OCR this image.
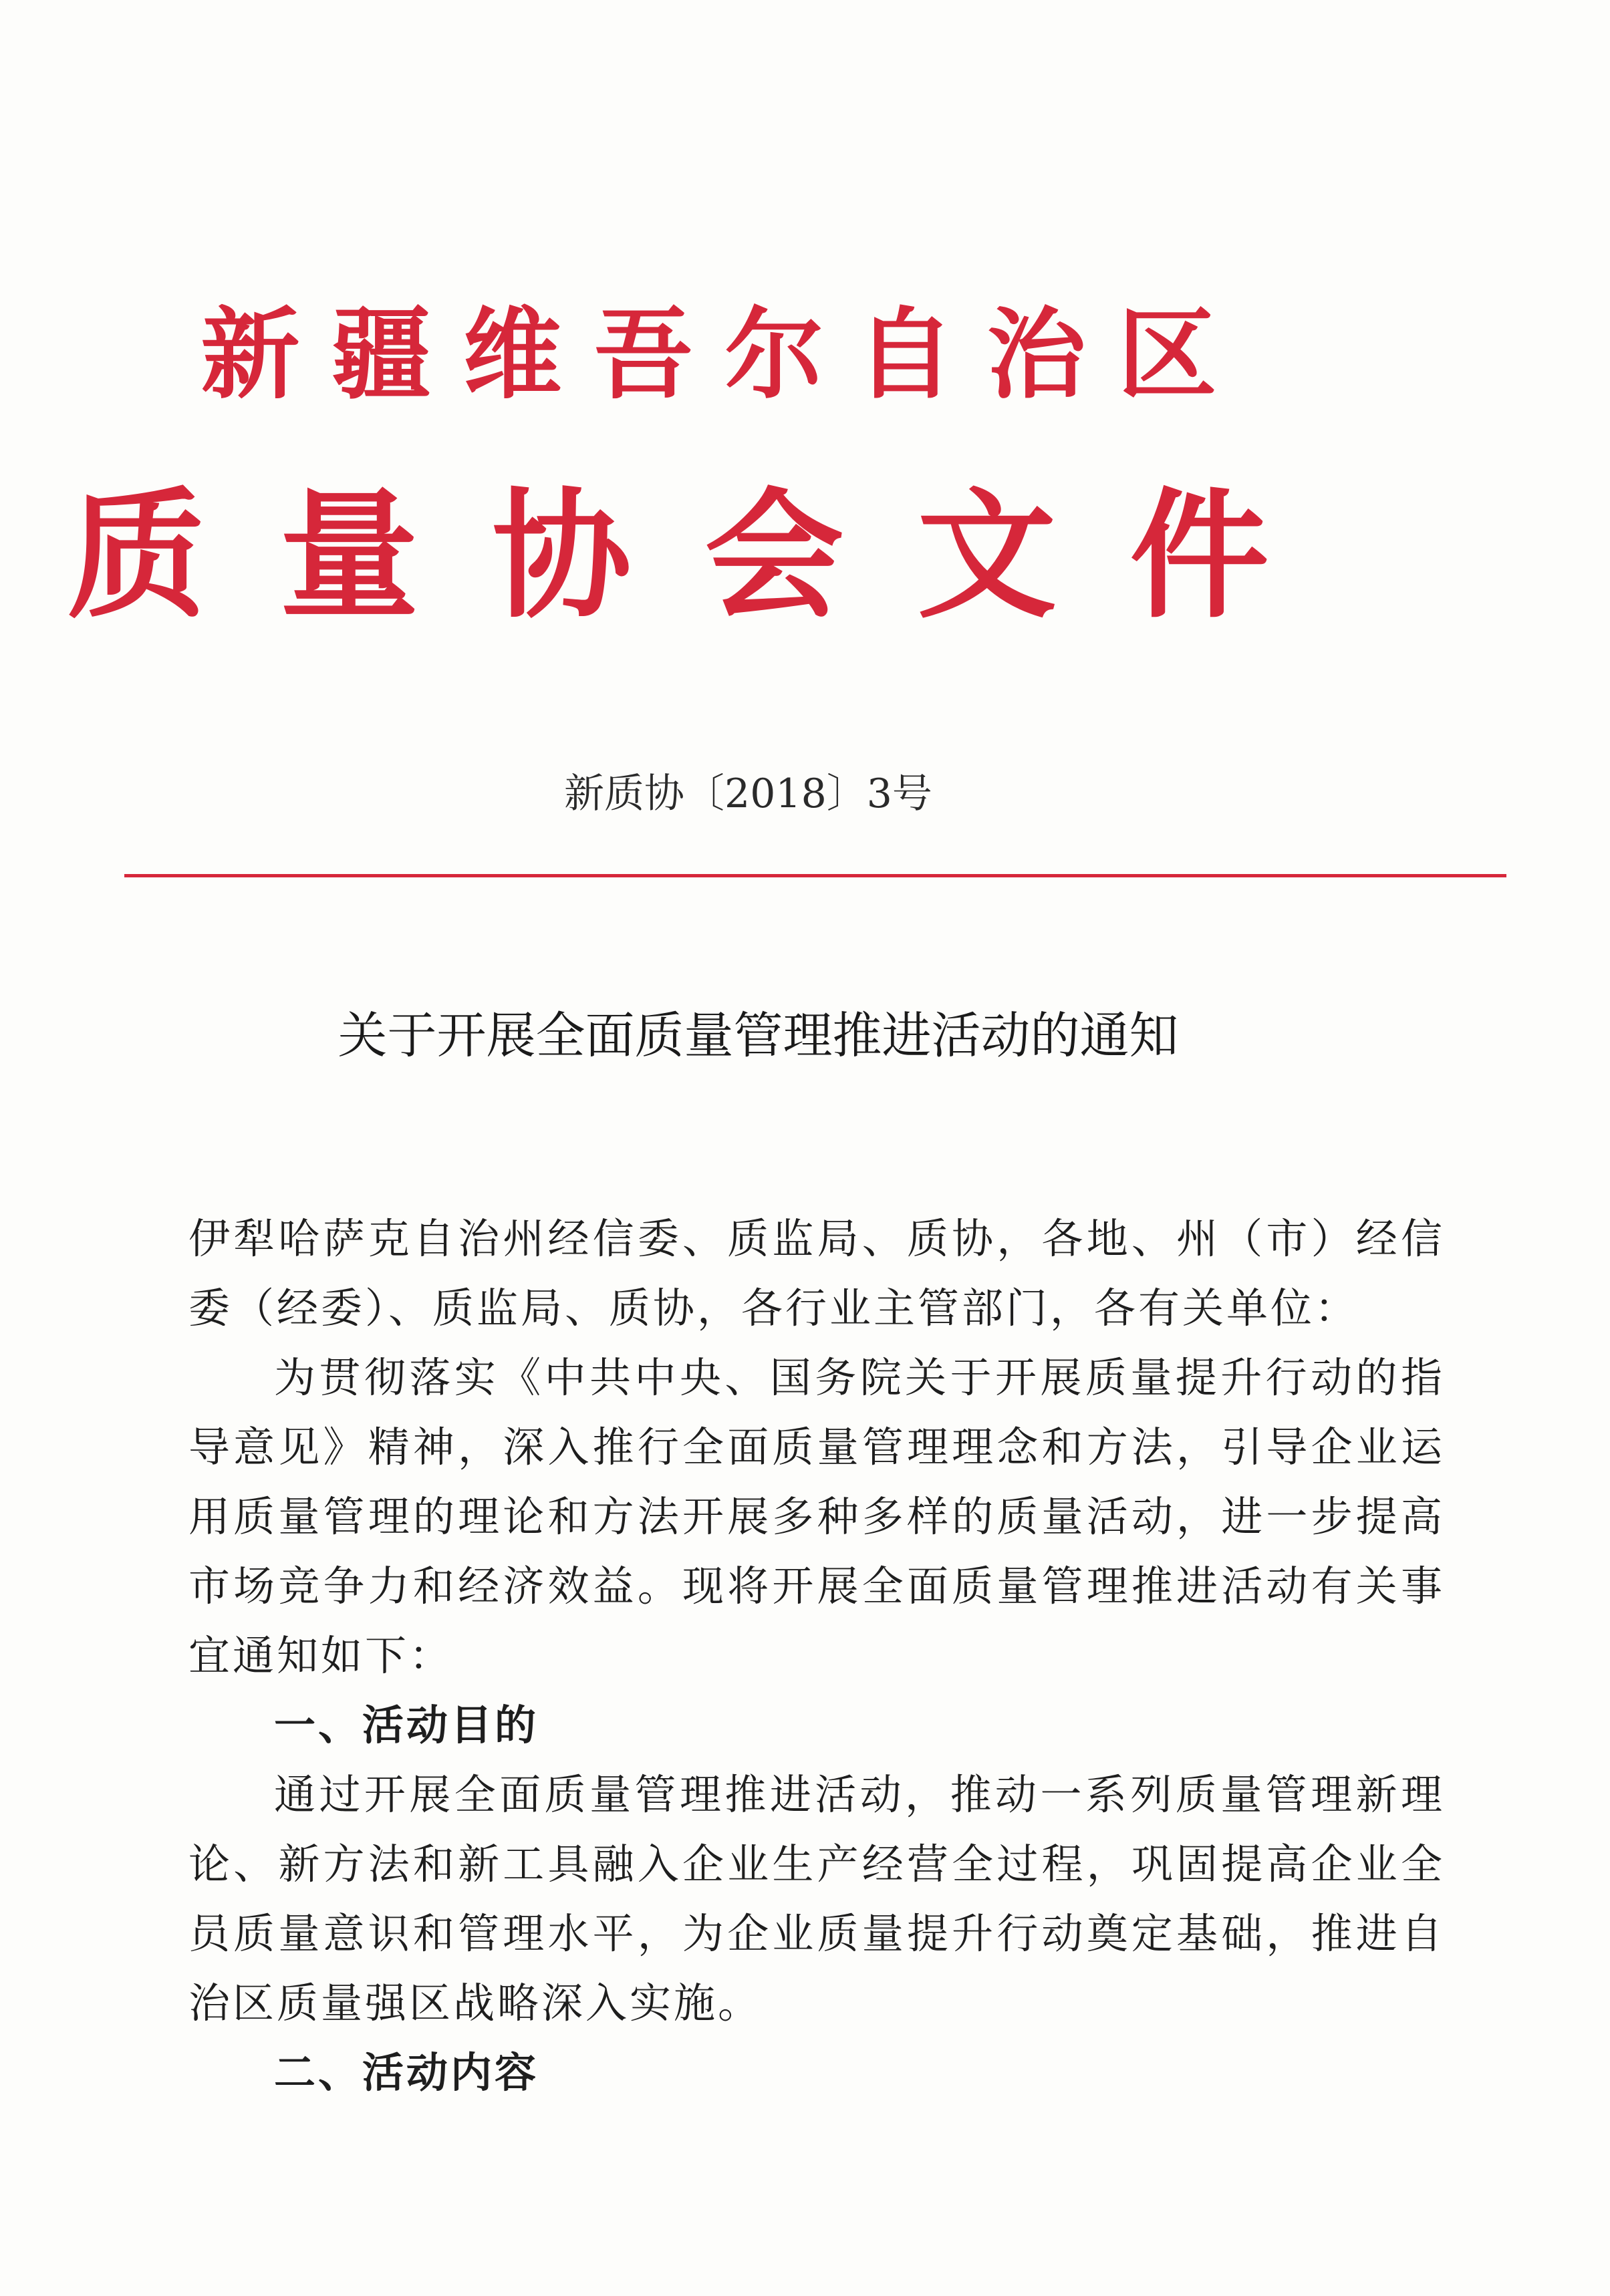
新疆维吾尔自治区
质量协会文件
新质协〔2018〕3号
关于开展全面质量管理推进活动的通知
伊犁哈萨克自治州经信委、质监局、质协，各地、州（市）经信
委（经委）、质监局、质协，各行业主管部门，各有关单位：
为贯彻落实《中共中央、国务院关于开展质量提升行动的指
导意见》精神，深入推行全面质量管理理念和方法，引导企业运
用质量管理的理论和方法开展多种多样的质量活动，进一步提高
市场竞争力和经济效益。现将开展全面质量管理推进活动有关事
宜通知如下：
一、活动目的
通过开展全面质量管理推进活动，推动一系列质量管理新理
论、新方法和新工具融入企业生产经营全过程，巩固提高企业全
员质量意识和管理水平，为企业质量提升行动奠定基础，推进自
治区质量强区战略深入实施。
二、活动内容
